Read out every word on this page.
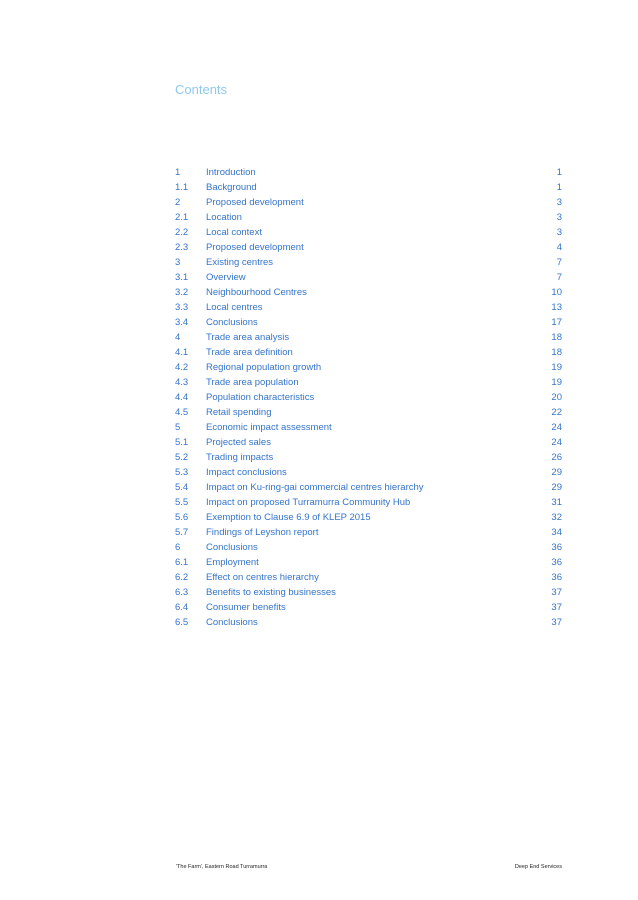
Contents
1	Introduction	1
1.1	Background	1
2	Proposed development	3
2.1	Location	3
2.2	Local context	3
2.3	Proposed development	4
3	Existing centres	7
3.1	Overview	7
3.2	Neighbourhood Centres	10
3.3	Local centres	13
3.4	Conclusions	17
4	Trade area analysis	18
4.1	Trade area definition	18
4.2	Regional population growth	19
4.3	Trade area population	19
4.4	Population characteristics	20
4.5	Retail spending	22
5	Economic impact assessment	24
5.1	Projected sales	24
5.2	Trading impacts	26
5.3	Impact conclusions	29
5.4	Impact on Ku-ring-gai commercial centres hierarchy	29
5.5	Impact on proposed Turramurra Community Hub	31
5.6	Exemption to Clause 6.9 of KLEP 2015	32
5.7	Findings of Leyshon report	34
6	Conclusions	36
6.1	Employment	36
6.2	Effect on centres hierarchy	36
6.3	Benefits to existing businesses	37
6.4	Consumer benefits	37
6.5	Conclusions	37
'The Farm', Eastern Road Turramurra	Deep End Services
